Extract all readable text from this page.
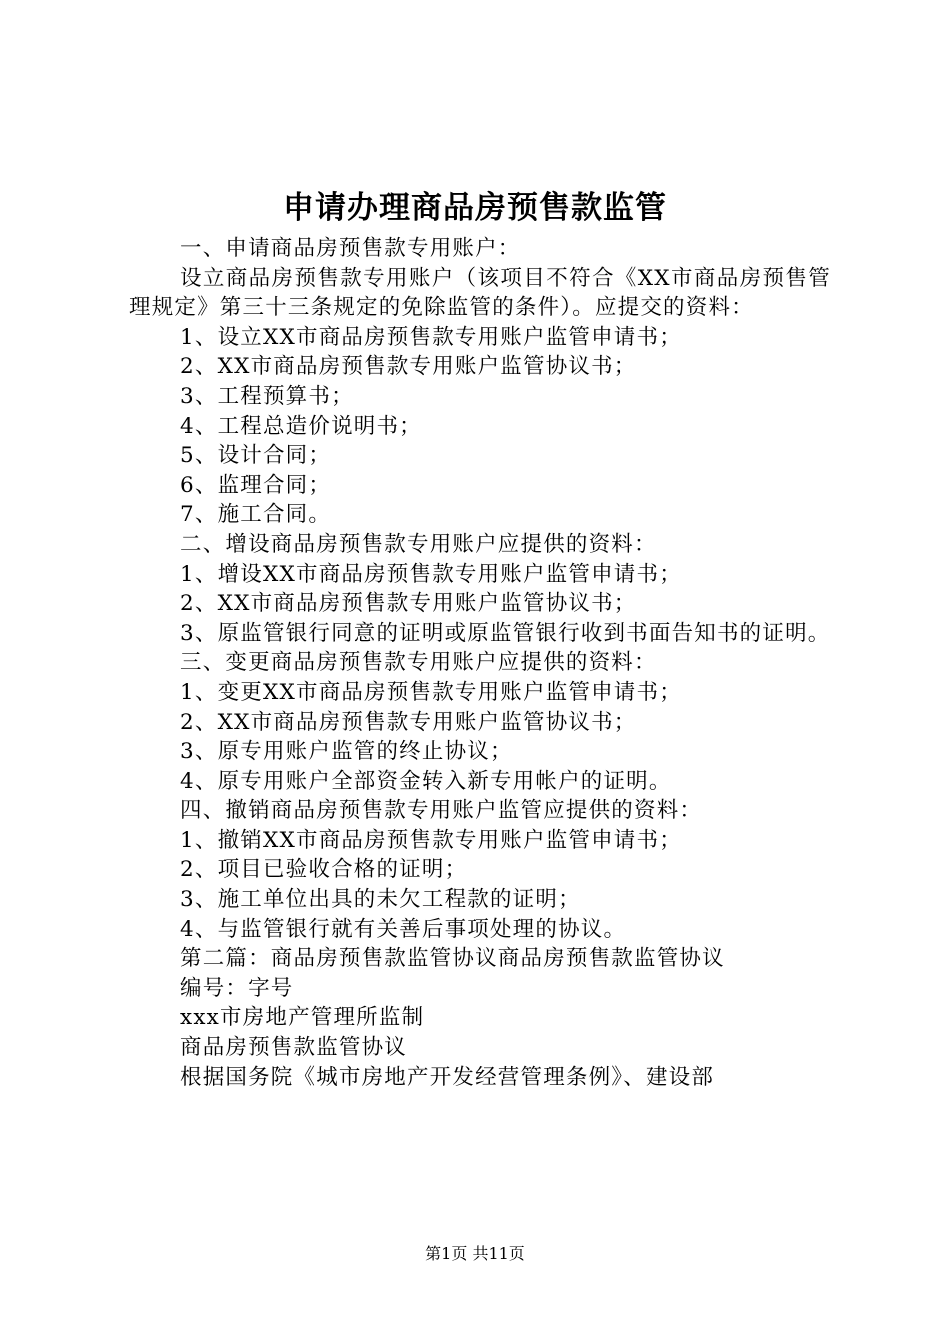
申请办理商品房预售款监管

一、申请商品房预售款专用账户：

设立商品房预售款专用账户（该项目不符合《XX市商品房预售管理规定》第三十三条规定的免除监管的条件）。应提交的资料：

1、设立XX市商品房预售款专用账户监管申请书；

2、XX市商品房预售款专用账户监管协议书；

3、工程预算书；

4、工程总造价说明书；

5、设计合同；

6、监理合同；

7、施工合同。

二、增设商品房预售款专用账户应提供的资料：

1、增设XX市商品房预售款专用账户监管申请书；

2、XX市商品房预售款专用账户监管协议书；

3、原监管银行同意的证明或原监管银行收到书面告知书的证明。

三、变更商品房预售款专用账户应提供的资料：

1、变更XX市商品房预售款专用账户监管申请书；

2、XX市商品房预售款专用账户监管协议书；

3、原专用账户监管的终止协议；

4、原专用账户全部资金转入新专用帐户的证明。

四、撤销商品房预售款专用账户监管应提供的资料：

1、撤销XX市商品房预售款专用账户监管申请书；

2、项目已验收合格的证明；

3、施工单位出具的未欠工程款的证明；

4、与监管银行就有关善后事项处理的协议。

第二篇：商品房预售款监管协议商品房预售款监管协议

编号：字号

xxx市房地产管理所监制

商品房预售款监管协议

根据国务院《城市房地产开发经营管理条例》、建设部

第1页 共11页
